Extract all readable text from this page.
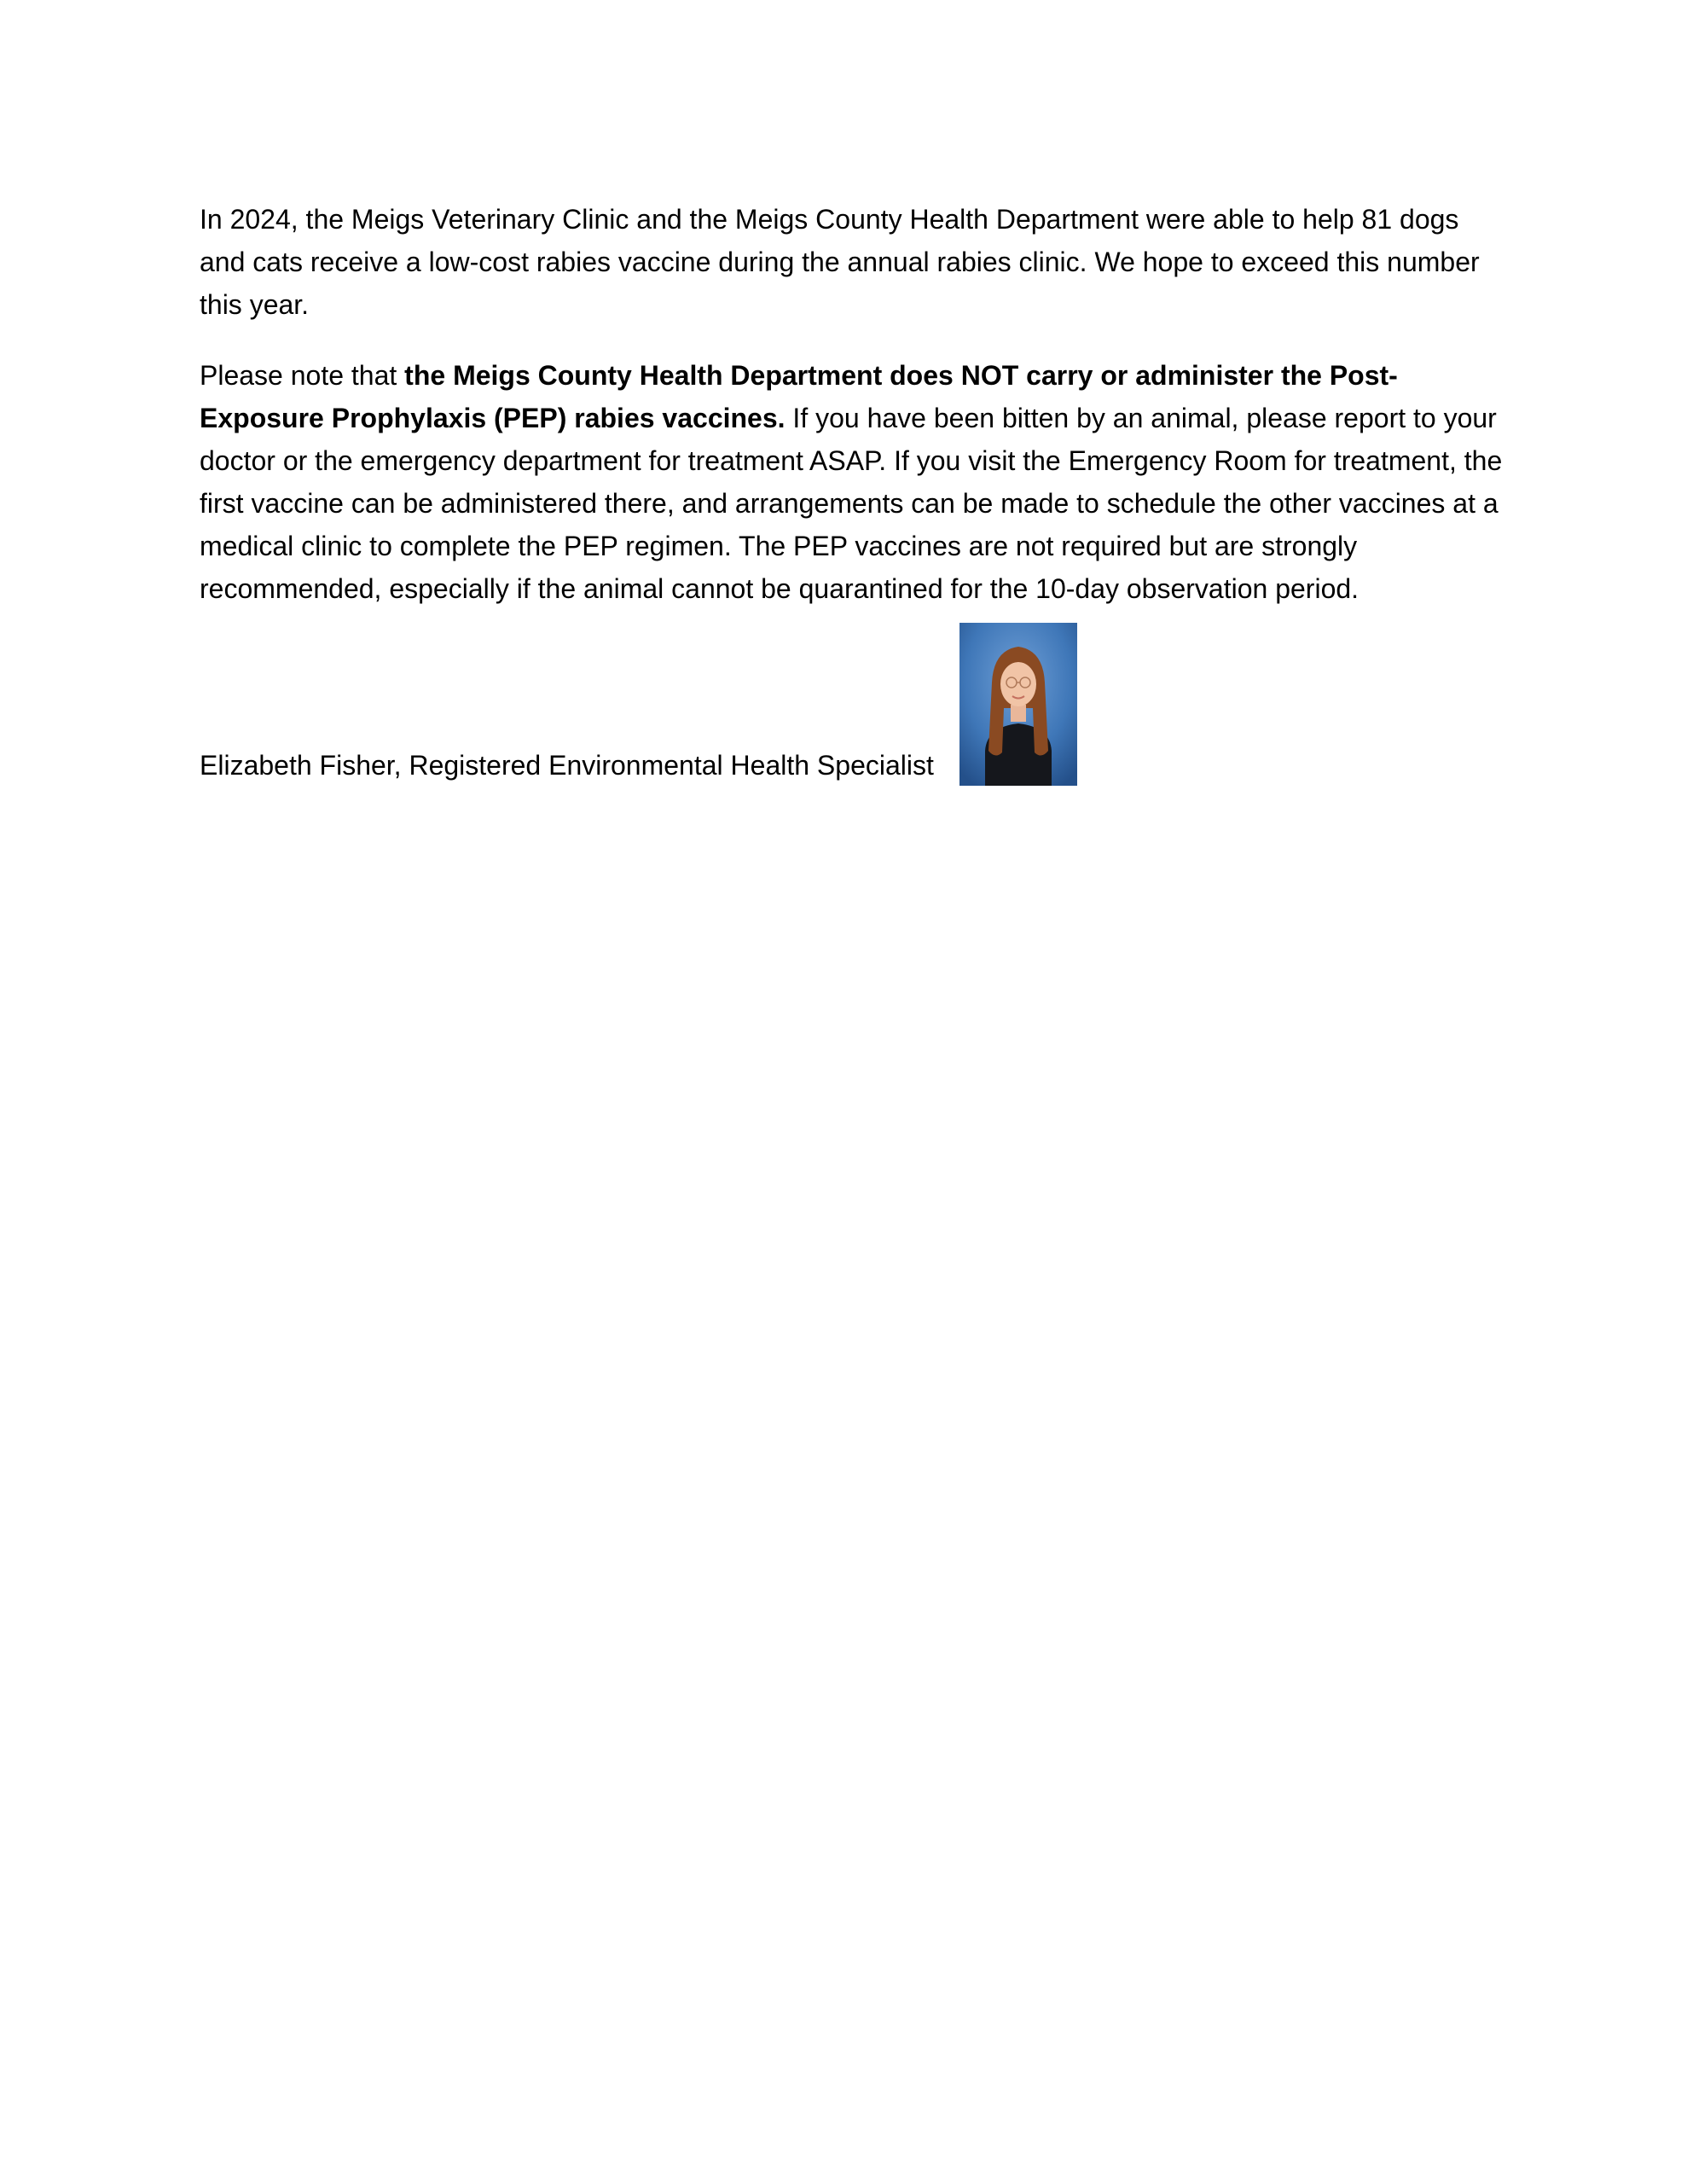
In 2024, the Meigs Veterinary Clinic and the Meigs County Health Department were able to help 81 dogs and cats receive a low-cost rabies vaccine during the annual rabies clinic. We hope to exceed this number this year.

Please note that the Meigs County Health Department does NOT carry or administer the Post-Exposure Prophylaxis (PEP) rabies vaccines. If you have been bitten by an animal, please report to your doctor or the emergency department for treatment ASAP. If you visit the Emergency Room for treatment, the first vaccine can be administered there, and arrangements can be made to schedule the other vaccines at a medical clinic to complete the PEP regimen. The PEP vaccines are not required but are strongly recommended, especially if the animal cannot be quarantined for the 10-day observation period.

Elizabeth Fisher, Registered Environmental Health Specialist
